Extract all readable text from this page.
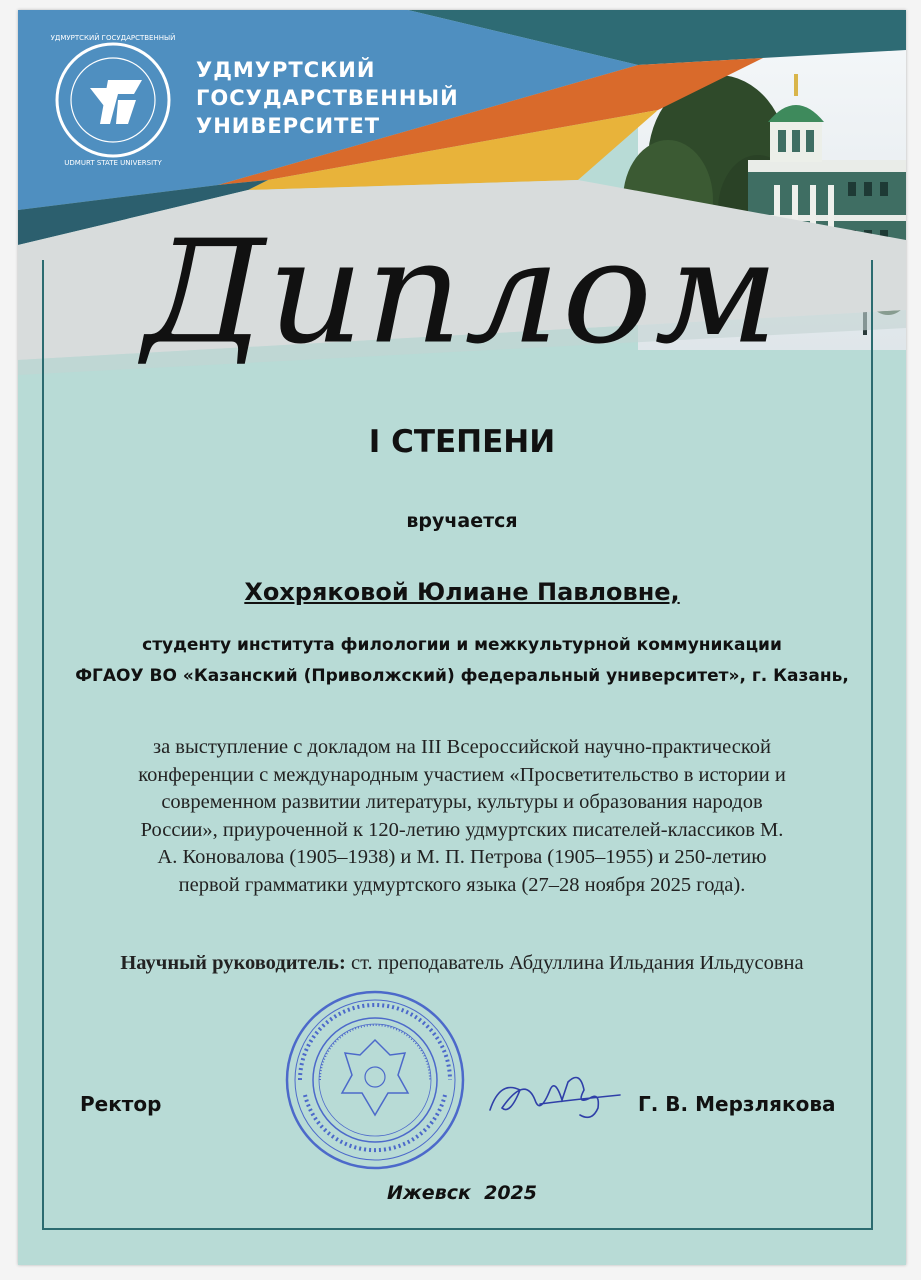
УДМУРТСКИЙ ГОСУДАРСТВЕННЫЙ
UDMURT STATE UNIVERSITY
УДМУРТСКИЙ
ГОСУДАРСТВЕННЫЙ
УНИВЕРСИТЕТ
Диплом
I СТЕПЕНИ
вручается
Хохряковой Юлиане Павловне,
студенту института филологии и межкультурной коммуникации
ФГАОУ ВО «Казанский (Приволжский) федеральный университет», г. Казань,
за выступление с докладом на III Всероссийской научно-практической
конференции с международным участием «Просветительство в истории и
современном развитии литературы, культуры и образования народов
России», приуроченной к 120-летию удмуртских писателей-классиков М.
А. Коновалова (1905–1938) и М. П. Петрова (1905–1955) и 250-летию
первой грамматики удмуртского языка (27–28 ноября 2025 года).
Научный руководитель: ст. преподаватель Абдуллина Ильдания Ильдусовна
Ректор	Г. В. Мерзлякова
Ижевск  2025
